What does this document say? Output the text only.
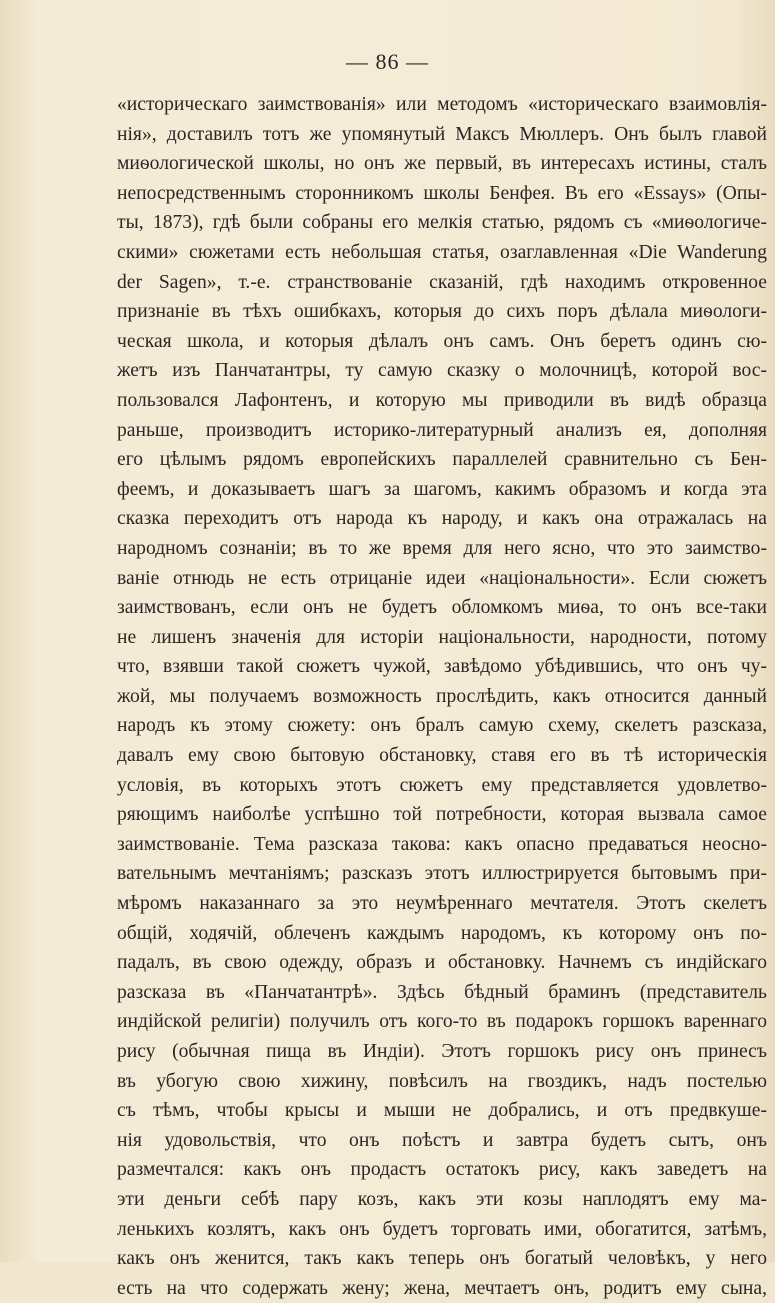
— 86 —
«историческаго заимствованія» или методомъ «историческаго взаимовлія-
нія», доставилъ тотъ же упомянутый Максъ Мюллеръ. Онъ былъ главой
миѳологической школы, но онъ же первый, въ интересахъ истины, сталъ
непосредственнымъ сторонникомъ школы Бенфея. Въ его «Essays» (Опы-
ты, 1873), гдѣ были собраны его мелкія статью, рядомъ съ «миѳологиче-
скими» сюжетами есть небольшая статья, озаглавленная «Die Wanderung
der Sagen», т.-е. странствованіе сказаній, гдѣ находимъ откровенное
признаніе въ тѣхъ ошибкахъ, которыя до сихъ поръ дѣлала миѳологи-
ческая школа, и которыя дѣлалъ онъ самъ. Онъ беретъ одинъ сю-
жетъ изъ Панчатантры, ту самую сказку о молочницѣ, которой вос-
пользовался Лафонтенъ, и которую мы приводили въ видѣ образца
раньше, производитъ историко-литературный анализъ ея, дополняя
его цѣлымъ рядомъ европейскихъ параллелей сравнительно съ Бен-
феемъ, и доказываетъ шагъ за шагомъ, какимъ образомъ и когда эта
сказка переходитъ отъ народа къ народу, и какъ она отражалась на
народномъ сознаніи; въ то же время для него ясно, что это заимство-
ваніе отнюдь не есть отрицаніе идеи «національности». Если сюжетъ
заимствованъ, если онъ не будетъ обломкомъ миѳа, то онъ все-таки
не лишенъ значенія для исторіи національности, народности, потому
что, взявши такой сюжетъ чужой, завѣдомо убѣдившись, что онъ чу-
жой, мы получаемъ возможность прослѣдить, какъ относится данный
народъ къ этому сюжету: онъ бралъ самую схему, скелетъ разсказа,
давалъ ему свою бытовую обстановку, ставя его въ тѣ историческія
условія, въ которыхъ этотъ сюжетъ ему представляется удовлетво-
ряющимъ наиболѣе успѣшно той потребности, которая вызвала самое
заимствованіе. Тема разсказа такова: какъ опасно предаваться неосно-
вательнымъ мечтаніямъ; разсказъ этотъ иллюстрируется бытовымъ при-
мѣромъ наказаннаго за это неумѣреннаго мечтателя. Этотъ скелетъ
общій, ходячій, облеченъ каждымъ народомъ, къ которому онъ по-
падалъ, въ свою одежду, образъ и обстановку. Начнемъ съ индійскаго
разсказа въ «Панчатантрѣ». Здѣсь бѣдный браминъ (представитель
индійской религіи) получилъ отъ кого-то въ подарокъ горшокъ вареннаго
рису (обычная пища въ Индіи). Этотъ горшокъ рису онъ принесъ
въ убогую свою хижину, повѣсилъ на гвоздикъ, надъ постелью
съ тѣмъ, чтобы крысы и мыши не добрались, и отъ предвкуше-
нія удовольствія, что онъ поѣстъ и завтра будетъ сытъ, онъ
размечтался: какъ онъ продастъ остатокъ рису, какъ заведетъ на
эти деньги себѣ пару козъ, какъ эти козы наплодятъ ему ма-
ленькихъ козлятъ, какъ онъ будетъ торговать ими, обогатится, затѣмъ,
какъ онъ женится, такъ какъ теперь онъ богатый человѣкъ, у него
есть на что содержать жену; жена, мечтаетъ онъ, родитъ ему сына,
